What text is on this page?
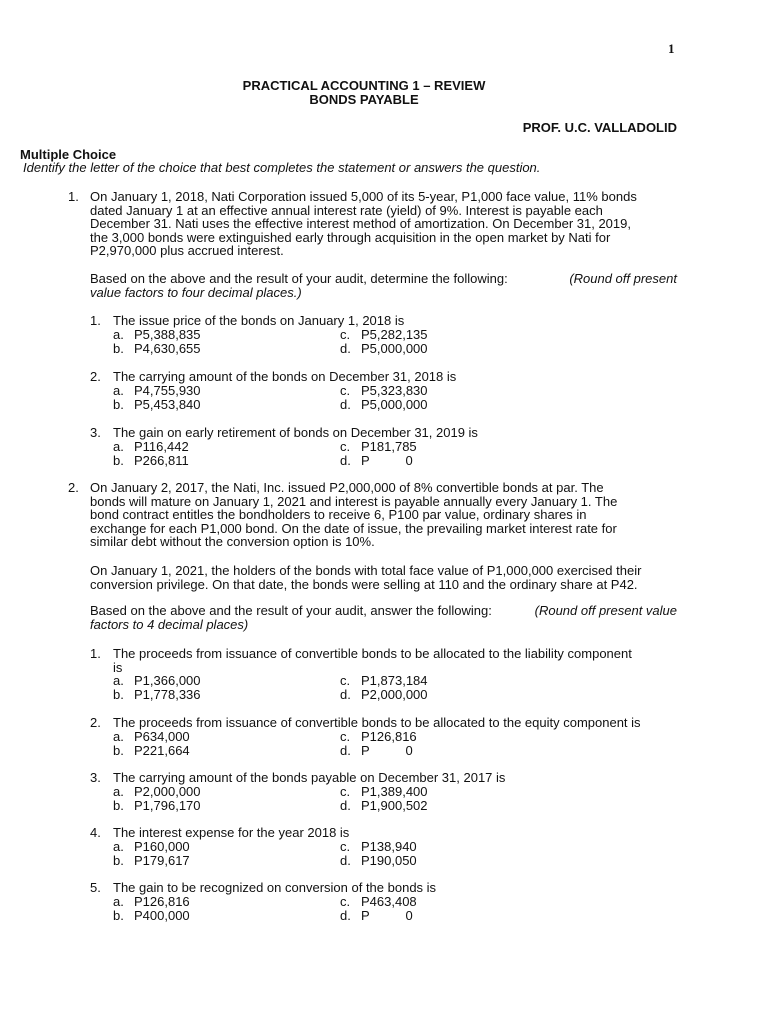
1
PRACTICAL ACCOUNTING 1 – REVIEW
BONDS PAYABLE
PROF. U.C. VALLADOLID
Multiple Choice
Identify the letter of the choice that best completes the statement or answers the question.
1. On January 1, 2018, Nati Corporation issued 5,000 of its 5-year, P1,000 face value, 11% bonds
dated January 1 at an effective annual interest rate (yield) of 9%. Interest is payable each
December 31. Nati uses the effective interest method of amortization. On December 31, 2019,
the 3,000 bonds were extinguished early through acquisition in the open market by Nati for
P2,970,000 plus accrued interest.
Based on the above and the result of your audit, determine the following:	(Round off present
value factors to four decimal places.)
1. The issue price of the bonds on January 1, 2018 is
a. P5,388,835	c. P5,282,135
b. P4,630,655	d. P5,000,000
2. The carrying amount of the bonds on December 31, 2018 is
a. P4,755,930	c. P5,323,830
b. P5,453,840	d. P5,000,000
3. The gain on early retirement of bonds on December 31, 2019 is
a. P116,442	c. P181,785
b. P266,811	d. P          0
2. On January 2, 2017, the Nati, Inc. issued P2,000,000 of 8% convertible bonds at par. The
bonds will mature on January 1, 2021 and interest is payable annually every January 1. The
bond contract entitles the bondholders to receive 6, P100 par value, ordinary shares in
exchange for each P1,000 bond. On the date of issue, the prevailing market interest rate for
similar debt without the conversion option is 10%.
On January 1, 2021, the holders of the bonds with total face value of P1,000,000 exercised their
conversion privilege. On that date, the bonds were selling at 110 and the ordinary share at P42.
Based on the above and the result of your audit, answer the following:	(Round off present value
factors to 4 decimal places)
1. The proceeds from issuance of convertible bonds to be allocated to the liability component
is
a. P1,366,000	c. P1,873,184
b. P1,778,336	d. P2,000,000
2. The proceeds from issuance of convertible bonds to be allocated to the equity component is
a. P634,000	c. P126,816
b. P221,664	d. P          0
3. The carrying amount of the bonds payable on December 31, 2017 is
a. P2,000,000	c. P1,389,400
b. P1,796,170	d. P1,900,502
4. The interest expense for the year 2018 is
a. P160,000	c. P138,940
b. P179,617	d. P190,050
5. The gain to be recognized on conversion of the bonds is
a. P126,816	c. P463,408
b. P400,000	d. P          0
